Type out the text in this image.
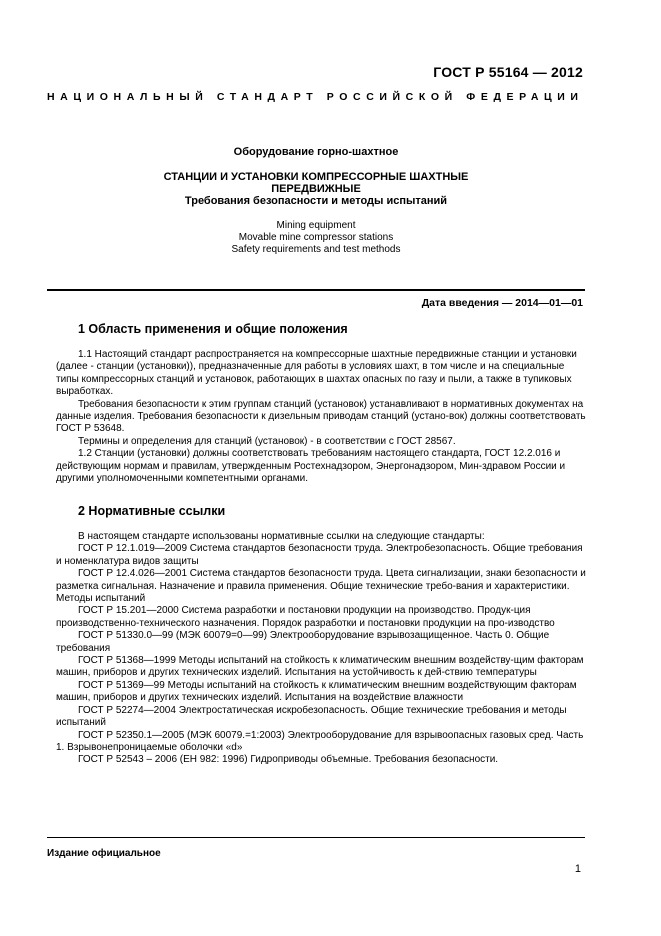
ГОСТ Р 55164 — 2012
НАЦИОНАЛЬНЫЙ СТАНДАРТ РОССИЙСКОЙ ФЕДЕРАЦИИ
Оборудование горно-шахтное
СТАНЦИИ И УСТАНОВКИ КОМПРЕССОРНЫЕ ШАХТНЫЕ
ПЕРЕДВИЖНЫЕ
Требования безопасности и методы испытаний
Mining equipment
Movable mine compressor stations
Safety requirements and test methods
Дата введения — 2014—01—01
1 Область применения и общие положения

1.1 Настоящий стандарт распространяется на компрессорные шахтные передвижные станции и установки (далее - станции (установки)), предназначенные для работы в условиях шахт, в том числе и на специальные типы компрессорных станций и установок, работающих в шахтах опасных по газу и пыли, а также в тупиковых выработках.

Требования безопасности к этим группам станций (установок) устанавливают в нормативных документах на данные изделия. Требования безопасности к дизельным приводам станций (устано-вок) должны соответствовать ГОСТ Р 53648.

Термины и определения для станций (установок) - в соответствии с ГОСТ 28567.

1.2 Станции (установки) должны соответствовать требованиям настоящего стандарта, ГОСТ 12.2.016 и действующим нормам и правилам, утвержденным Ростехнадзором, Энергонадзором, Мин-здравом России и другими уполномоченными компетентными органами.

2 Нормативные ссылки

В настоящем стандарте использованы нормативные ссылки на следующие стандарты:

ГОСТ Р 12.1.019—2009 Система стандартов безопасности труда. Электробезопасность. Общие требования и номенклатура видов защиты

ГОСТ Р 12.4.026—2001 Система стандартов безопасности труда. Цвета сигнализации, знаки безопасности и разметка сигнальная. Назначение и правила применения. Общие технические требо-вания и характеристики. Методы испытаний

ГОСТ Р 15.201—2000 Система разработки и постановки продукции на производство. Продук-ция производственно-технического назначения. Порядок разработки и постановки продукции на про-изводство

ГОСТ Р 51330.0—99 (МЭК 60079=0—99) Электрооборудование взрывозащищенное. Часть 0. Общие требования

ГОСТ Р 51368—1999 Методы испытаний на стойкость к климатическим внешним воздейству-щим факторам машин, приборов и других технических изделий. Испытания на устойчивость к дей-ствию температуры

ГОСТ Р 51369—99 Методы испытаний на стойкость к климатическим внешним воздействующим факторам машин, приборов и других технических изделий. Испытания на воздействие влажности

ГОСТ Р 52274—2004 Электростатическая искробезопасность. Общие технические требования и методы испытаний

ГОСТ Р 52350.1—2005 (МЭК 60079.=1:2003) Электрооборудование для взрывоопасных газовых сред. Часть 1. Взрывонепроницаемые оболочки «d»

ГОСТ Р 52543 – 2006 (ЕН 982: 1996) Гидроприводы объемные. Требования безопасности.

Издание официальное
1
